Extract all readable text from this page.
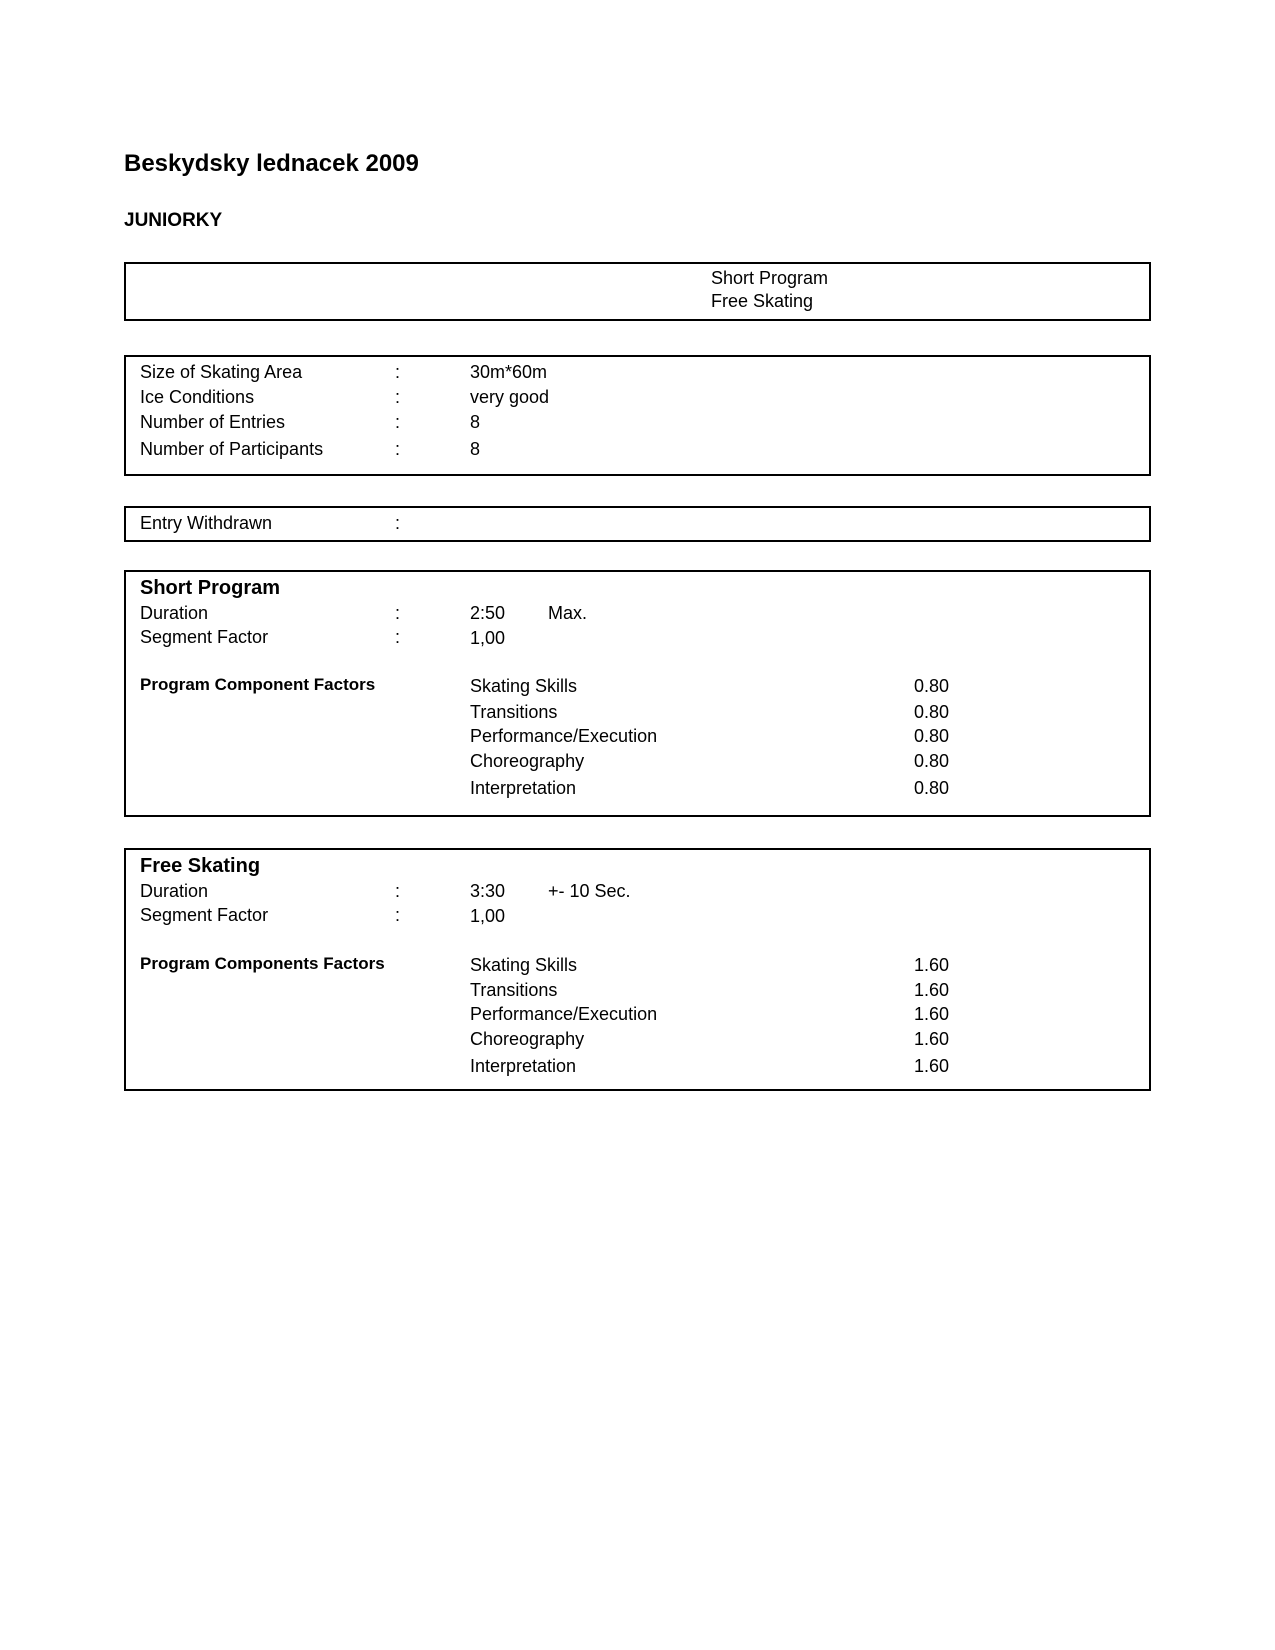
Beskydsky lednacek 2009
JUNIORKY
Short Program
Free Skating
Size of Skating Area	:	30m*60m
Ice Conditions	:	very good
Number of Entries	:	8
Number of Participants	:	8
Entry Withdrawn	:
Short Program
Duration	:	2:50 Max.
Segment Factor	:	1,00
Program Component Factors	Skating Skills	0.80
Transitions	0.80
Performance/Execution	0.80
Choreography	0.80
Interpretation	0.80
Free Skating
Duration	:	3:30 +- 10 Sec.
Segment Factor	:	1,00
Program Components Factors	Skating Skills	1.60
Transitions	1.60
Performance/Execution	1.60
Choreography	1.60
Interpretation	1.60
